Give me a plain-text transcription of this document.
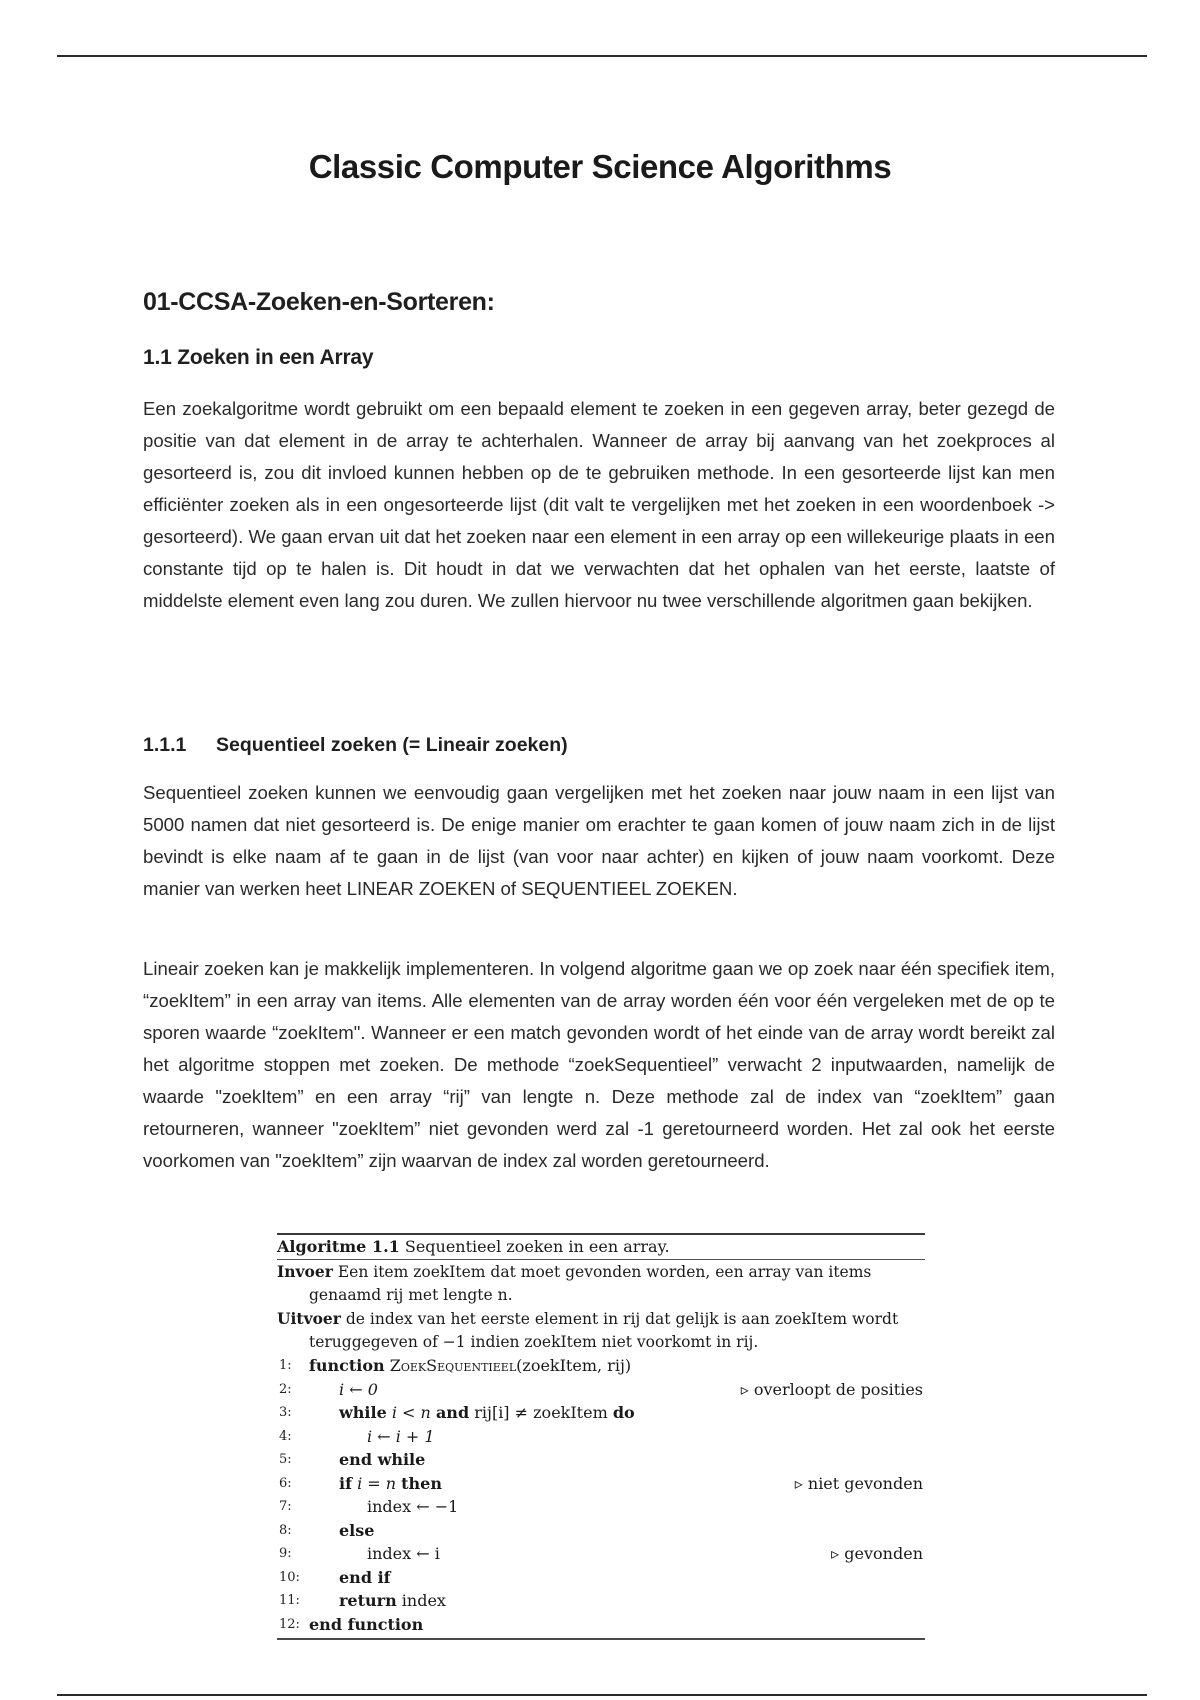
Classic Computer Science Algorithms
01-CCSA-Zoeken-en-Sorteren:
1.1 Zoeken in een Array

Een zoekalgoritme wordt gebruikt om een bepaald element te zoeken in een gegeven array, beter gezegd de positie van dat element in de array te achterhalen. Wanneer de array bij aanvang van het zoekproces al gesorteerd is, zou dit invloed kunnen hebben op de te gebruiken methode. In een gesorteerde lijst kan men efficiënter zoeken als in een ongesorteerde lijst (dit valt te vergelijken met het zoeken in een woordenboek -> gesorteerd). We gaan ervan uit dat het zoeken naar een element in een array op een willekeurige plaats in een constante tijd op te halen is. Dit houdt in dat we verwachten dat het ophalen van het eerste, laatste of middelste element even lang zou duren. We zullen hiervoor nu twee verschillende algoritmen gaan bekijken.

1.1.1 Sequentieel zoeken (= Lineair zoeken)

Sequentieel zoeken kunnen we eenvoudig gaan vergelijken met het zoeken naar jouw naam in een lijst van 5000 namen dat niet gesorteerd is. De enige manier om erachter te gaan komen of jouw naam zich in de lijst bevindt is elke naam af te gaan in de lijst (van voor naar achter) en kijken of jouw naam voorkomt. Deze manier van werken heet LINEAR ZOEKEN of SEQUENTIEEL ZOEKEN.

Lineair zoeken kan je makkelijk implementeren. In volgend algoritme gaan we op zoek naar één specifiek item, “zoekItem” in een array van items. Alle elementen van de array worden één voor één vergeleken met de op te sporen waarde “zoekItem". Wanneer er een match gevonden wordt of het einde van de array wordt bereikt zal het algoritme stoppen met zoeken. De methode “zoekSequentieel” verwacht 2 inputwaarden, namelijk de waarde "zoekItem” en een array “rij” van lengte n. Deze methode zal de index van “zoekItem” gaan retourneren, wanneer "zoekItem” niet gevonden werd zal -1 geretourneerd worden. Het zal ook het eerste voorkomen van "zoekItem” zijn waarvan de index zal worden geretourneerd.

Algoritme 1.1 Sequentieel zoeken in een array.
Invoer Een item zoekItem dat moet gevonden worden, een array van items genaamd rij met lengte n.
Uitvoer de index van het eerste element in rij dat gelijk is aan zoekItem wordt teruggegeven of −1 indien zoekItem niet voorkomt in rij.
1:	function ZoekSequentieel(zoekItem, rij)
2:	i ← 0	▹ overloopt de posities
3:	while i < n and rij[i] ≠ zoekItem do
4:	i ← i + 1
5:	end while
6:	if i = n then	▹ niet gevonden
7:	index ← −1
8:	else
9:	index ← i	▹ gevonden
10:	end if
11:	return index
12: end function
